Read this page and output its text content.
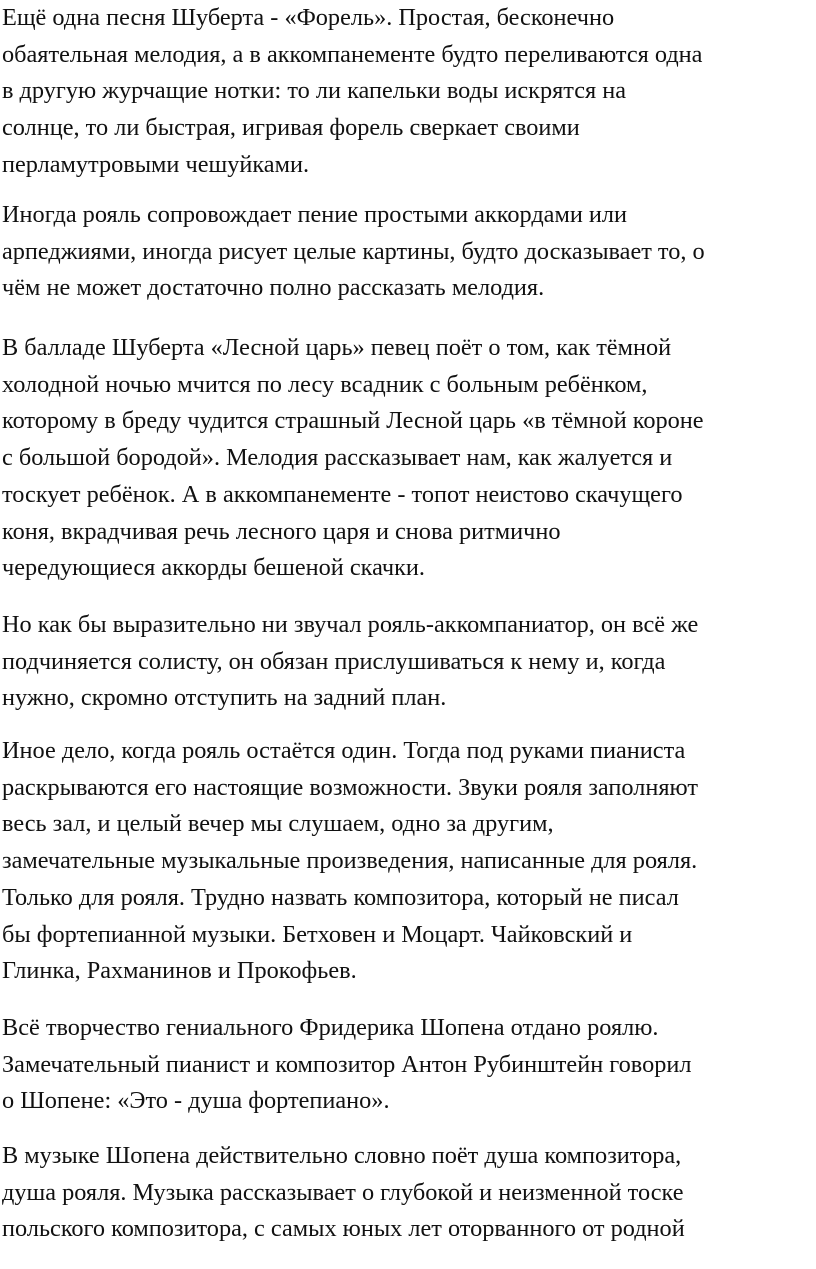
Ещё одна песня Шуберта - «Форель». Простая, бесконечно
обаятельная мелодия, а в аккомпанементе будто переливаются одна
в другую журчащие нотки: то ли капельки воды искрятся на
солнце, то ли быстрая, игривая форель сверкает своими
перламутровыми чешуйками.
Иногда рояль сопровождает пение простыми аккордами или
арпеджиями, иногда рисует целые картины, будто досказывает то, о
чём не может достаточно полно рассказать мелодия.
В балладе Шуберта «Лесной царь» певец поёт о том, как тёмной
холодной ночью мчится по лесу всадник с больным ребёнком,
которому в бреду чудится страшный Лесной царь «в тёмной короне
с большой бородой». Мелодия рассказывает нам, как жалуется и
тоскует ребёнок. А в аккомпанементе - топот неистово скачущего
коня, вкрадчивая речь лесного царя и снова ритмично
чередующиеся аккорды бешеной скачки.
Но как бы выразительно ни звучал рояль-аккомпаниатор, он всё же
подчиняется солисту, он обязан прислушиваться к нему и, когда
нужно, скромно отступить на задний план.
Иное дело, когда рояль остаётся один. Тогда под руками пианиста
раскрываются его настоящие возможности. Звуки рояля заполняют
весь зал, и целый вечер мы слушаем, одно за другим,
замечательные музыкальные произведения, написанные для рояля.
Только для рояля. Трудно назвать композитора, который не писал
бы фортепианной музыки. Бетховен и Моцарт. Чайковский и
Глинка, Рахманинов и Прокофьев.
Всё творчество гениального Фридерика Шопена отдано роялю.
Замечательный пианист и композитор Антон Рубинштейн говорил
о Шопене: «Это - душа фортепиано».
В музыке Шопена действительно словно поёт душа композитора,
душа рояля. Музыка рассказывает о глубокой и неизменной тоске
польского композитора, с самых юных лет оторванного от родной
